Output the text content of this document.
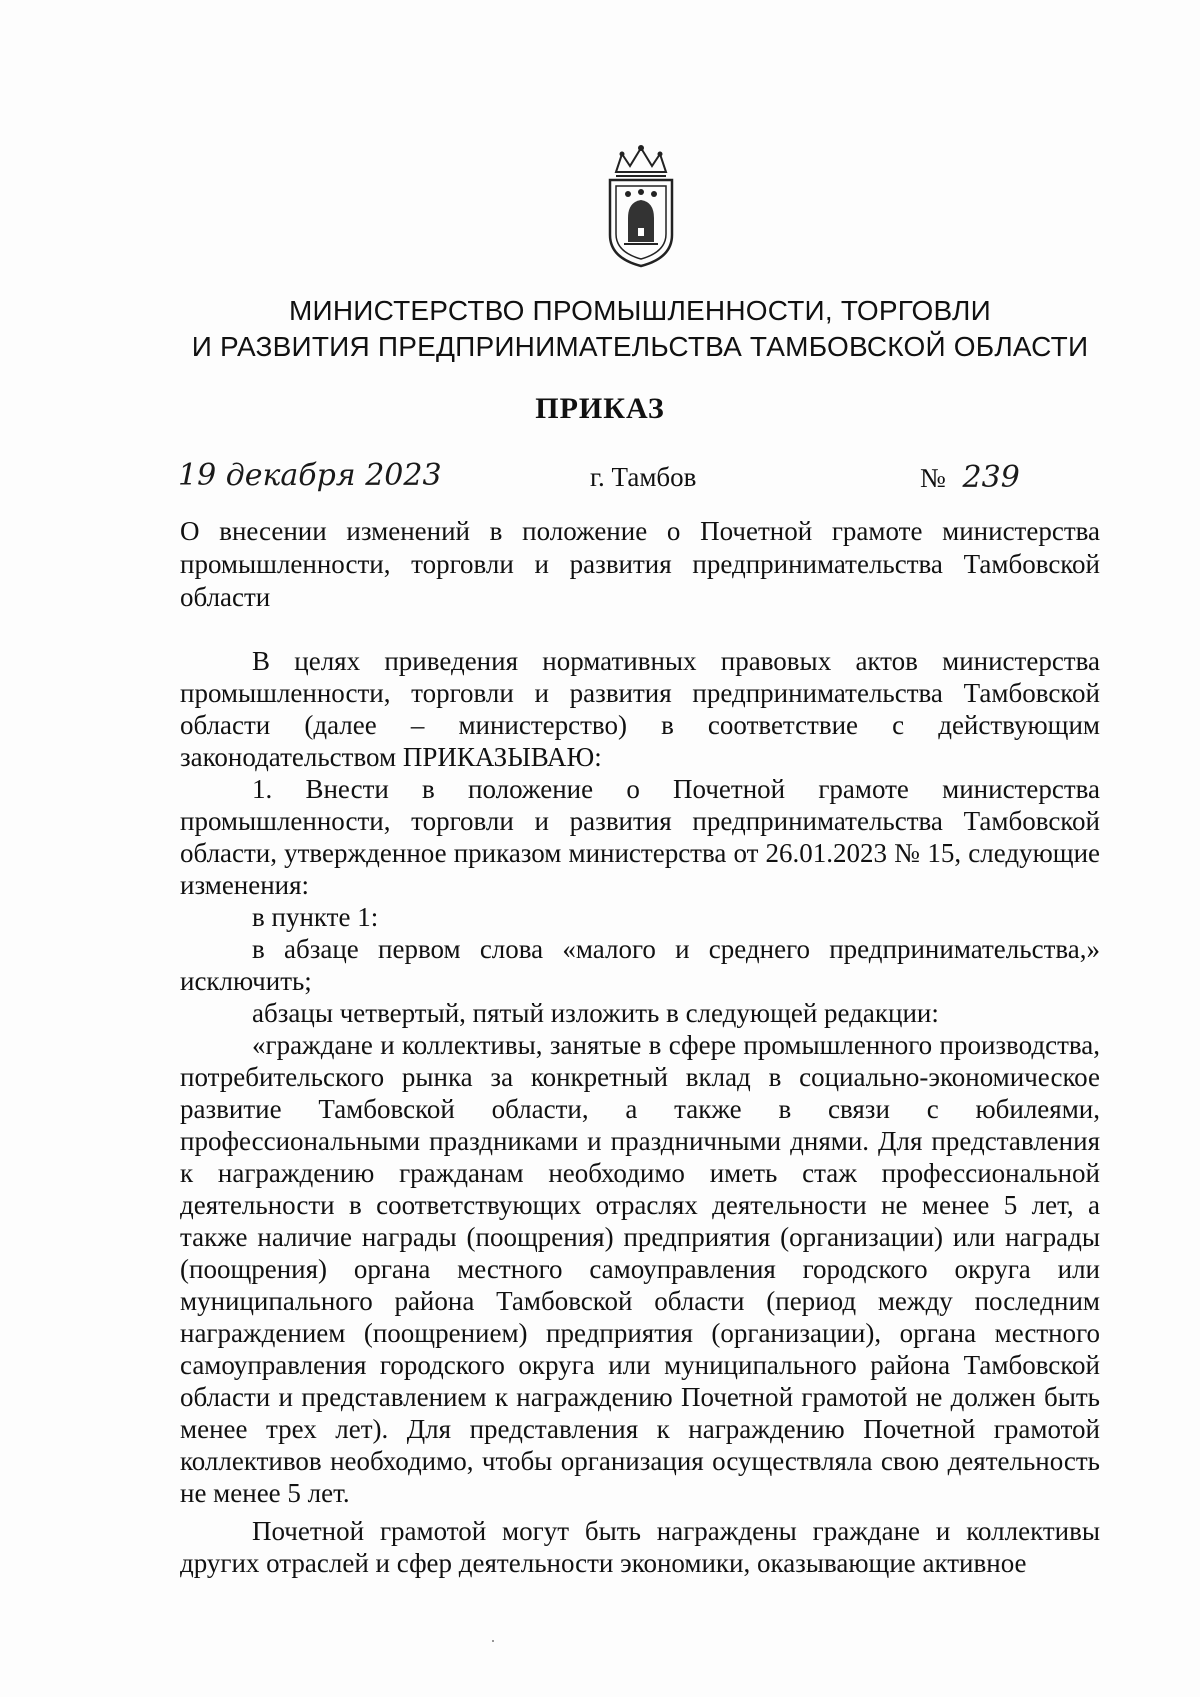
МИНИСТЕРСТВО ПРОМЫШЛЕННОСТИ, ТОРГОВЛИ
И РАЗВИТИЯ ПРЕДПРИНИМАТЕЛЬСТВА ТАМБОВСКОЙ ОБЛАСТИ
ПРИКАЗ
19 декабря 2023	г. Тамбов	№ 239
О внесении изменений в положение о Почетной грамоте министерства промышленности, торговли и развития предпринимательства Тамбовской области

В целях приведения нормативных правовых актов министерства промышленности, торговли и развития предпринимательства Тамбовской области (далее – министерство) в соответствие с действующим законодательством ПРИКАЗЫВАЮ:

1. Внести в положение о Почетной грамоте министерства промышленности, торговли и развития предпринимательства Тамбовской области, утвержденное приказом министерства от 26.01.2023 № 15, следующие изменения:

в пункте 1:

в абзаце первом слова «малого и среднего предпринимательства,» исключить;

абзацы четвертый, пятый изложить в следующей редакции:

«граждане и коллективы, занятые в сфере промышленного производства, потребительского рынка за конкретный вклад в социально-экономическое развитие Тамбовской области, а также в связи с юбилеями, профессиональными праздниками и праздничными днями. Для представления к награждению гражданам необходимо иметь стаж профессиональной деятельности в соответствующих отраслях деятельности не менее 5 лет, а также наличие награды (поощрения) предприятия (организации) или награды (поощрения) органа местного самоуправления городского округа или муниципального района Тамбовской области (период между последним награждением (поощрением) предприятия (организации), органа местного самоуправления городского округа или муниципального района Тамбовской области и представлением к награждению Почетной грамотой не должен быть менее трех лет). Для представления к награждению Почетной грамотой коллективов необходимо, чтобы организация осуществляла свою деятельность не менее 5 лет.

Почетной грамотой могут быть награждены граждане и коллективы других отраслей и сфер деятельности экономики, оказывающие активное
